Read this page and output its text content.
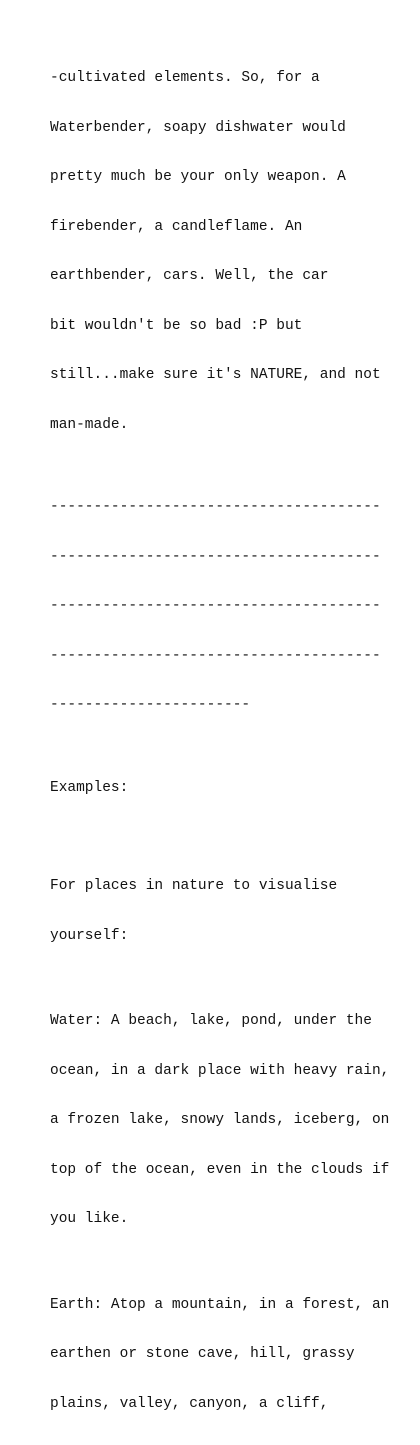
-cultivated elements. So, for a

Waterbender, soapy dishwater would

pretty much be your only weapon. A

firebender, a candleflame. An

earthbender, cars. Well, the car

bit wouldn't be so bad :P but

still...make sure it's NATURE, and not

man-made.

--------------------------------------

--------------------------------------

--------------------------------------

--------------------------------------

-----------------------

Examples:

For places in nature to visualise

yourself:

Water: A beach, lake, pond, under the

ocean, in a dark place with heavy rain,

a frozen lake, snowy lands, iceberg, on

top of the ocean, even in the clouds if

you like.

Earth: Atop a mountain, in a forest, an

earthen or stone cave, hill, grassy

plains, valley, canyon, a cliff,
